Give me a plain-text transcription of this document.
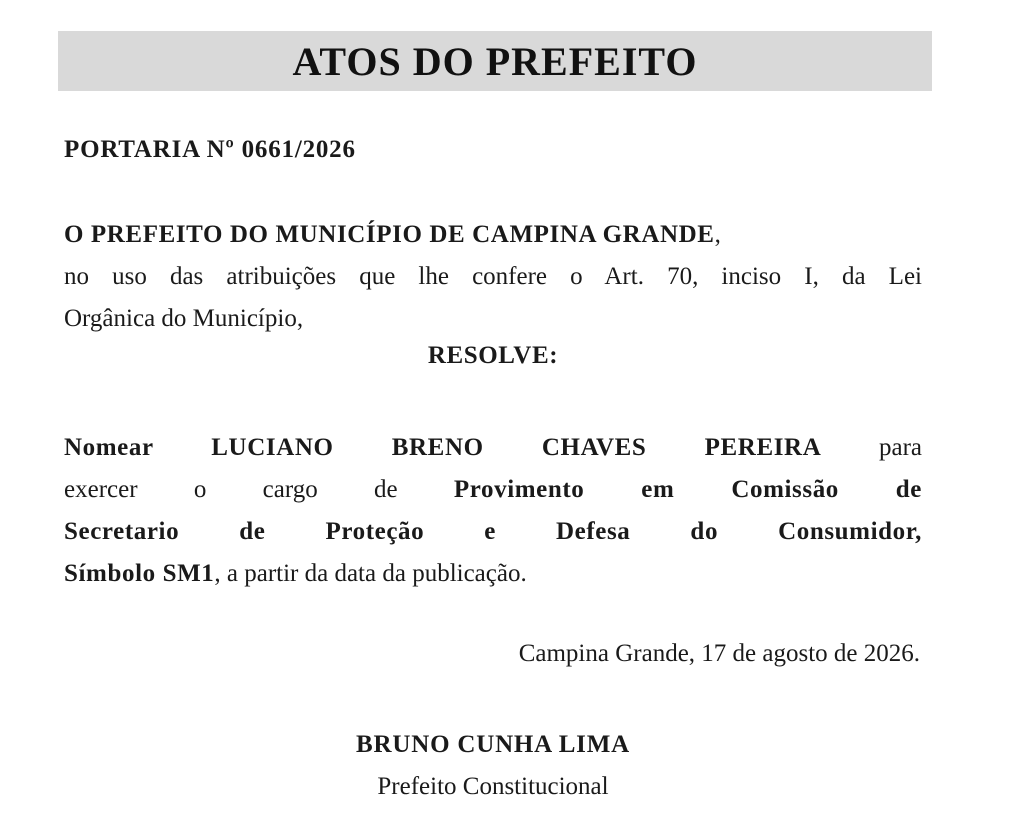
ATOS DO PREFEITO
PORTARIA Nº 0661/2026
O PREFEITO DO MUNICÍPIO DE CAMPINA GRANDE,
no uso das atribuições que lhe confere o Art. 70, inciso I, da Lei
Orgânica do Município,
RESOLVE:
Nomear LUCIANO BRENO CHAVES PEREIRA para
exercer o cargo de Provimento em Comissão de
Secretario de Proteção e Defesa do Consumidor,
Símbolo SM1, a partir da data da publicação.
Campina Grande, 17 de agosto de 2026.
BRUNO CUNHA LIMA
Prefeito Constitucional
